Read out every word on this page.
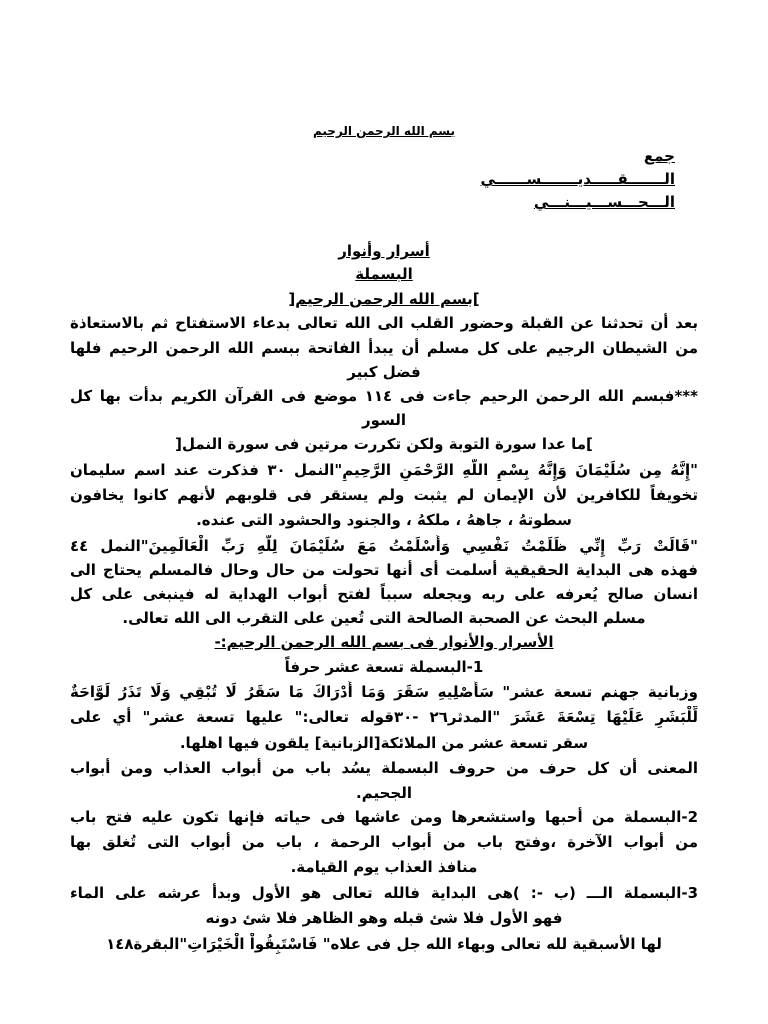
بسم الله الرحمن الرحيم
جمع
الـــــــقـــــديـــــــســــــي
الـــحـــســـيـــنـــي
أسرار وأنوار
البسملة
]بسم الله الرحمن الرحيم[
بعد أن تحدثنا عن القبلة وحضور القلب الى الله تعالى بدعاء الاستفتاح ثم بالاستعاذة
من الشيطان الرجيم على كل مسلم أن يبدأ الفاتحة ببسم الله الرحمن الرحيم فلها
فضل كبير
***فبسم الله الرحمن الرحيم جاءت فى ١١٤ موضع فى القرآن الكريم بدأت بها كل
السور
]ما عدا سورة التوبة ولكن تكررت مرتين فى سورة النمل[
"إِنَّهُ مِن سُلَيْمَانَ وَإِنَّهُ بِسْمِ اللَّهِ الرَّحْمَنِ الرَّحِيمِ"النمل ٣٠ فذكرت عند اسم سليمان
تخويفاً للكافرين لأن الإيمان لم يثبت ولم يستقر فى قلوبهم لأنهم كانوا يخافون
سطوتهُ ، جاههُ ، ملكهُ ، والجنود والحشود التى عنده.
"قَالَتْ رَبِّ إِنِّي ظَلَمْتُ نَفْسِي وَأَسْلَمْتُ مَعَ سُلَيْمَانَ لِلَّهِ رَبِّ الْعَالَمِينَ"النمل ٤٤
فهذه هى البداية الحقيقية أسلمت أى أنها تحولت من حال وحال فالمسلم يحتاج الى
انسان صالح يُعرفه على ربه ويجعله سبباً لفتح أبواب الهداية له فينبغى على كل
مسلم البحث عن الصحبة الصالحة التى تُعين على التقرب الى الله تعالى.
الأسرار والأنوار فى بسم الله الرحمن الرحيم:-
1-البسملة تسعة عشر حرفاً
وزبانية جهنم تسعة عشر" سَأُصْلِيهِ سَقَرَ وَمَا أَدْرَاكَ مَا سَقَرُ لَا تُبْقِي وَلَا تَذَرُ لَوَّاحَةٌ
لِّلْبَشَرِ عَلَيْهَا تِسْعَةَ عَشَرَ "المدثر٢٦ -٣٠قوله تعالى:" عليها تسعة عشر" أي على
سقر تسعة عشر من الملائكة[الزبانية] يلقون فيها اهلها.
المعنى أن كل حرف من حروف البسملة يسُد باب من أبواب العذاب ومن أبواب
الجحيم.
2-البسملة من أحبها واستشعرها ومن عاشها فى حياته فإنها تكون عليه فتح باب
من أبواب الآخرة ،وفتح باب من أبواب الرحمة ، باب من أبواب التى تُغلق بها
منافذ العذاب يوم القيامة.
3-البسملة الـــ (ب -: )هى البداية فالله تعالى هو الأول وبدأ عرشه على الماء
فهو الأول فلا شئ قبله وهو الظاهر فلا شئ دونه
لها الأسبقية لله تعالى وبهاء الله جل فى علاه" فَاسْتَبِقُواْ الْخَيْرَاتِ"البقرة١٤٨
